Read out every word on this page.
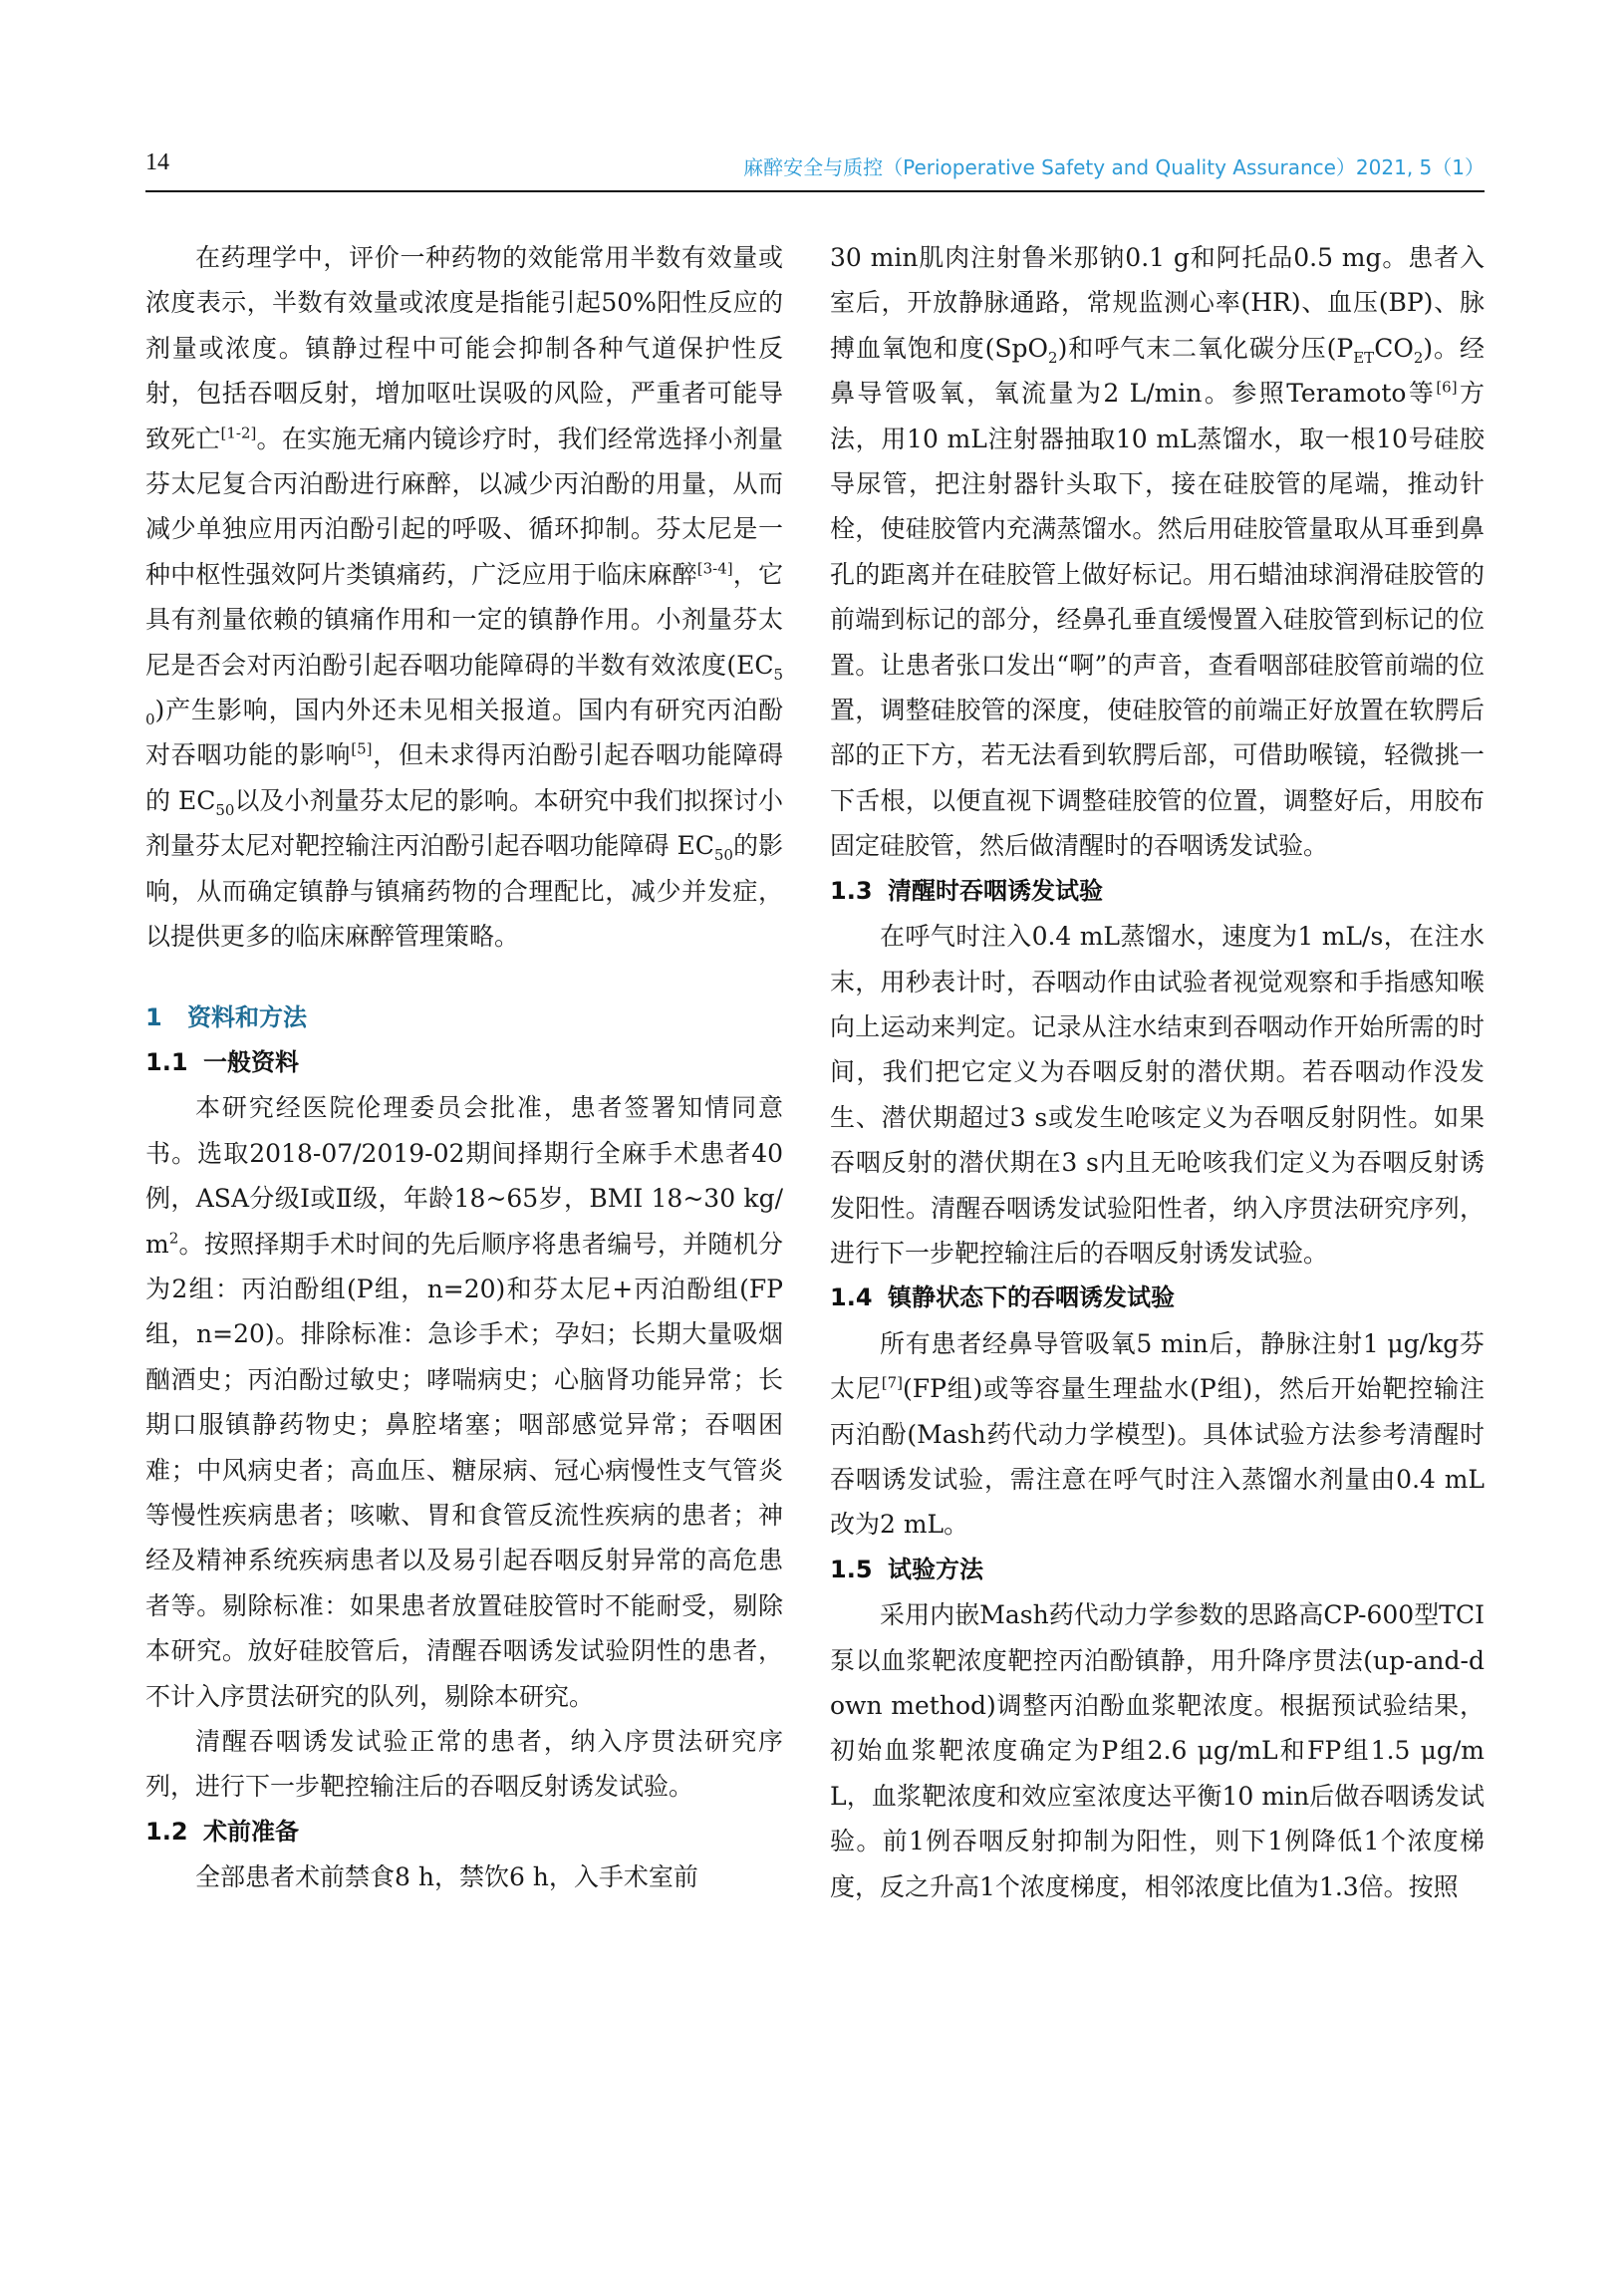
14	麻醉安全与质控（Perioperative Safety and Quality Assurance）2021, 5（1）

在药理学中，评价一种药物的效能常用半数有效量或浓度表示，半数有效量或浓度是指能引起50%阳性反应的剂量或浓度。镇静过程中可能会抑制各种气道保护性反射，包括吞咽反射，增加呕吐误吸的风险，严重者可能导致死亡[1-2]。在实施无痛内镜诊疗时，我们经常选择小剂量芬太尼复合丙泊酚进行麻醉，以减少丙泊酚的用量，从而减少单独应用丙泊酚引起的呼吸、循环抑制。芬太尼是一种中枢性强效阿片类镇痛药，广泛应用于临床麻醉[3-4]，它具有剂量依赖的镇痛作用和一定的镇静作用。小剂量芬太尼是否会对丙泊酚引起吞咽功能障碍的半数有效浓度$(EC_{50})$产生影响，国内外还未见相关报道。国内有研究丙泊酚对吞咽功能的影响[5]，但未求得丙泊酚引起吞咽功能障碍的 $EC_{50}$以及小剂量芬太尼的影响。本研究中我们拟探讨小剂量芬太尼对靶控输注丙泊酚引起吞咽功能障碍 $EC_{50}$的影响，从而确定镇静与镇痛药物的合理配比，减少并发症，以提供更多的临床麻醉管理策略。

1 资料和方法
1.1 一般资料

本研究经医院伦理委员会批准，患者签署知情同意书。选取2018-07/2019-02期间择期行全麻手术患者40例，ASA分级Ⅰ或Ⅱ级，年龄18~65岁，BMI 18~30 $kg/m^2$。按照择期手术时间的先后顺序将患者编号，并随机分为2组：丙泊酚组(P组，n=20)和芬太尼+丙泊酚组(FP组，n=20)。排除标准：急诊手术；孕妇；长期大量吸烟酗酒史；丙泊酚过敏史；哮喘病史；心脑肾功能异常；长期口服镇静药物史；鼻腔堵塞；咽部感觉异常；吞咽困难；中风病史者；高血压、糖尿病、冠心病慢性支气管炎等慢性疾病患者；咳嗽、胃和食管反流性疾病的患者；神经及精神系统疾病患者以及易引起吞咽反射异常的高危患者等。剔除标准：如果患者放置硅胶管时不能耐受，剔除本研究。放好硅胶管后，清醒吞咽诱发试验阴性的患者，不计入序贯法研究的队列，剔除本研究。

清醒吞咽诱发试验正常的患者，纳入序贯法研究序列，进行下一步靶控输注后的吞咽反射诱发试验。

1.2 术前准备

全部患者术前禁食8 h，禁饮6 h，入手术室前

30 min肌肉注射鲁米那钠0.1 g和阿托品0.5 mg。患者入室后，开放静脉通路，常规监测心率(HR)、血压(BP)、脉搏血氧饱和度(SpO$_2$)和呼气末二氧化碳分压$(P_{ET}CO_2)$。经鼻导管吸氧，氧流量为2 L/min。参照Teramoto等[6]方法，用10 mL注射器抽取10 mL蒸馏水，取一根10号硅胶导尿管，把注射器针头取下，接在硅胶管的尾端，推动针栓，使硅胶管内充满蒸馏水。然后用硅胶管量取从耳垂到鼻孔的距离并在硅胶管上做好标记。用石蜡油球润滑硅胶管的前端到标记的部分，经鼻孔垂直缓慢置入硅胶管到标记的位置。让患者张口发出“啊”的声音，查看咽部硅胶管前端的位置，调整硅胶管的深度，使硅胶管的前端正好放置在软腭后部的正下方，若无法看到软腭后部，可借助喉镜，轻微挑一下舌根，以便直视下调整硅胶管的位置，调整好后，用胶布固定硅胶管，然后做清醒时的吞咽诱发试验。

1.3 清醒时吞咽诱发试验

在呼气时注入0.4 mL蒸馏水，速度为1 mL/s，在注水末，用秒表计时，吞咽动作由试验者视觉观察和手指感知喉向上运动来判定。记录从注水结束到吞咽动作开始所需的时间，我们把它定义为吞咽反射的潜伏期。若吞咽动作没发生、潜伏期超过3 s或发生呛咳定义为吞咽反射阴性。如果吞咽反射的潜伏期在3 s内且无呛咳我们定义为吞咽反射诱发阳性。清醒吞咽诱发试验阳性者，纳入序贯法研究序列，进行下一步靶控输注后的吞咽反射诱发试验。

1.4 镇静状态下的吞咽诱发试验

所有患者经鼻导管吸氧5 min后，静脉注射1 μg/kg芬太尼[7](FP组)或等容量生理盐水(P组)，然后开始靶控输注丙泊酚(Mash药代动力学模型)。具体试验方法参考清醒时吞咽诱发试验，需注意在呼气时注入蒸馏水剂量由0.4 mL改为2 mL。

1.5 试验方法

采用内嵌Mash药代动力学参数的思路高CP-600型TCI泵以血浆靶浓度靶控丙泊酚镇静，用升降序贯法(up-and-down method)调整丙泊酚血浆靶浓度。根据预试验结果，初始血浆靶浓度确定为P组2.6 μg/mL和FP组1.5 μg/mL，血浆靶浓度和效应室浓度达平衡10 min后做吞咽诱发试验。前1例吞咽反射抑制为阳性，则下1例降低1个浓度梯度，反之升高1个浓度梯度，相邻浓度比值为1.3倍。按照
